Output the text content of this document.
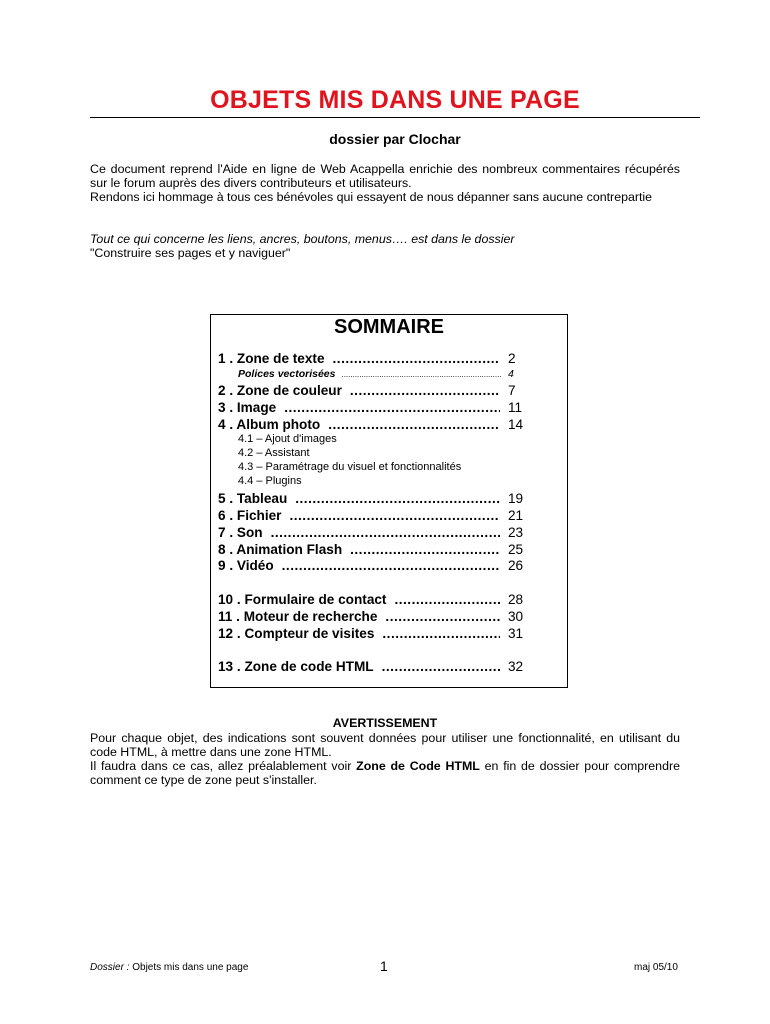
OBJETS MIS DANS UNE PAGE
dossier par Clochar
Ce document reprend l'Aide en ligne de Web Acappella enrichie des nombreux commentaires récupérés sur le forum auprès des divers contributeurs et utilisateurs.
Rendons ici hommage à tous ces bénévoles qui essayent de nous dépanner sans aucune contrepartie
Tout ce qui concerne les liens, ancres, boutons, menus…. est dans le dossier
"Construire ses pages et y naviguer"
SOMMAIRE
1 . Zone de texte .....	2
Polices vectorisées .....	4
2 . Zone de couleur .....	7
3 . Image .....	11
4 . Album photo .....	14
4.1 – Ajout d'images
4.2 – Assistant
4.3 – Paramétrage du visuel et fonctionnalités
4.4 – Plugins
5 . Tableau .....	19
6 . Fichier .....	21
7 . Son .....	23
8 . Animation Flash .....	25
9 . Vidéo .....	26
10 . Formulaire de contact .....	28
11 . Moteur de recherche .....	30
12 . Compteur de visites .....	31
13 . Zone de code HTML .....	32
AVERTISSEMENT
Pour chaque objet, des indications sont souvent données pour utiliser une fonctionnalité, en utilisant du code HTML, à mettre dans une zone HTML.
Il faudra dans ce cas, allez préalablement voir Zone de Code HTML en fin de dossier pour comprendre comment ce type de zone peut s'installer.
Dossier : Objets mis dans une page	1	maj 05/10
